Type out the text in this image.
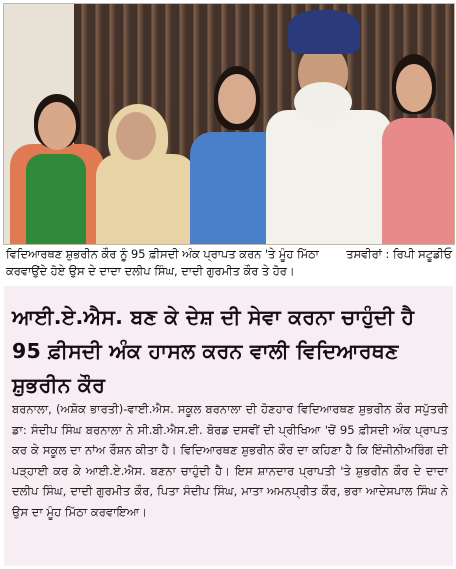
ਤਸਵੀਰਾਂ : ਰਿਪੀ ਸਟੂਡੀਓ
ਵਿਦਿਆਰਥਣ ਸ਼ੁਭਰੀਨ ਕੌਰ ਨੂੰ 95 ਫ਼ੀਸਦੀ ਅੰਕ ਪ੍ਰਾਪਤ ਕਰਨ 'ਤੇ ਮੂੰਹ ਮਿੱਠਾ ਕਰਵਾਉਂਦੇ ਹੋਏ ਉਸ ਦੇ ਦਾਦਾ ਦਲੀਪ ਸਿੰਘ, ਦਾਦੀ ਗੁਰਮੀਤ ਕੌਰ ਤੇ ਹੋਰ।
ਆਈ.ਏ.ਐਸ. ਬਣ ਕੇ ਦੇਸ਼ ਦੀ ਸੇਵਾ ਕਰਨਾ ਚਾਹੁੰਦੀ ਹੈ 95 ਫ਼ੀਸਦੀ ਅੰਕ ਹਾਸਲ ਕਰਨ ਵਾਲੀ ਵਿਦਿਆਰਥਣ ਸ਼ੁਭਰੀਨ ਕੌਰ
ਬਰਨਾਲਾ, (ਅਸ਼ੋਕ ਭਾਰਤੀ)-ਵਾਈ.ਐਸ. ਸਕੂਲ ਬਰਨਾਲਾ ਦੀ ਹੋਣਹਾਰ ਵਿਦਿਆਰਥਣ ਸ਼ੁਭਰੀਨ ਕੌਰ ਸਪੁੱਤਰੀ ਡਾ: ਸੰਦੀਪ ਸਿੰਘ ਬਰਨਾਲਾ ਨੇ ਸੀ.ਬੀ.ਐਸ.ਈ. ਬੋਰਡ ਦਸਵੀਂ ਦੀ ਪ੍ਰੀਖਿਆ 'ਚੋਂ 95 ਫ਼ੀਸਦੀ ਅੰਕ ਪ੍ਰਾਪਤ ਕਰ ਕੇ ਸਕੂਲ ਦਾ ਨਾਂਅ ਰੌਸ਼ਨ ਕੀਤਾ ਹੈ। ਵਿਦਿਆਰਥਣ ਸ਼ੁਭਰੀਨ ਕੌਰ ਦਾ ਕਹਿਣਾ ਹੈ ਕਿ ਇੰਜੀਨੀਅਰਿੰਗ ਦੀ ਪੜ੍ਹਾਈ ਕਰ ਕੇ ਆਈ.ਏ.ਐਸ. ਬਣਨਾ ਚਾਹੁੰਦੀ ਹੈ। ਇਸ ਸ਼ਾਨਦਾਰ ਪ੍ਰਾਪਤੀ 'ਤੇ ਸ਼ੁਭਰੀਨ ਕੌਰ ਦੇ ਦਾਦਾ ਦਲੀਪ ਸਿੰਘ, ਦਾਦੀ ਗੁਰਮੀਤ ਕੌਰ, ਪਿਤਾ ਸੰਦੀਪ ਸਿੰਘ, ਮਾਤਾ ਅਮਨਪ੍ਰੀਤ ਕੌਰ, ਭਰਾ ਆਦੇਸਪਾਲ ਸਿੰਘ ਨੇ ਉਸ ਦਾ ਮੂੰਹ ਮਿੱਠਾ ਕਰਵਾਇਆ।
